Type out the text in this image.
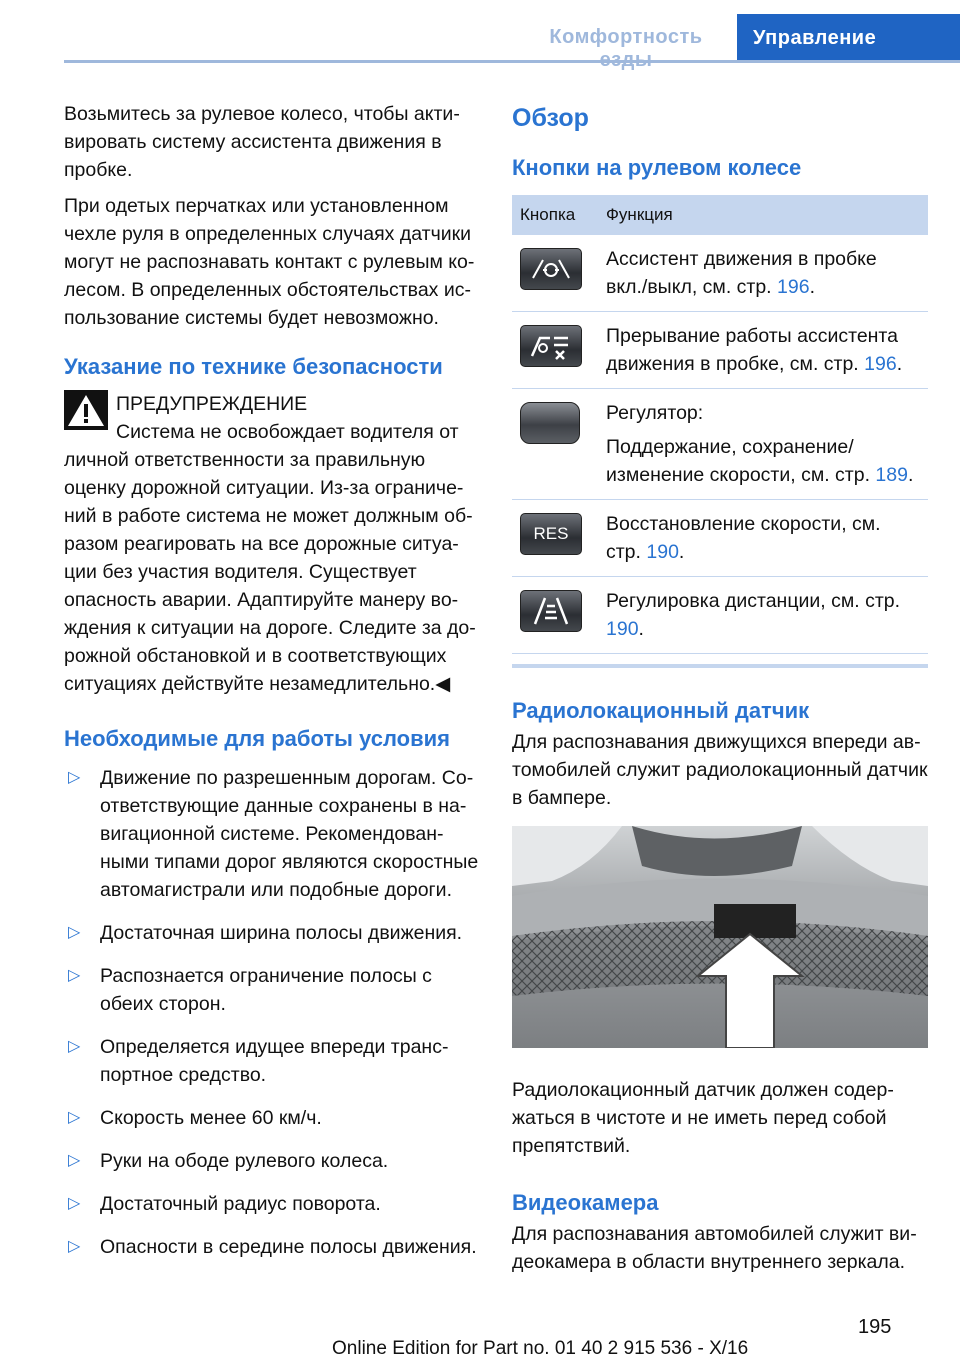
Комфортность	Управление

Возьмитесь за рулевое колесо, чтобы активировать систему ассистента движения в пробке.

При одетых перчатках или установленном чехле руля в определенных случаях датчики могут не распознавать контакт с рулевым колесом. В определенных обстоятельствах использование системы будет невозможно.

Указание по технике безопасности

ПРЕДУПРЕЖДЕНИЕ

Система не освобождает водителя от

личной ответственности за правильную оценку дорожной ситуации. Из-за ограничений в работе система не может должным образом реагировать на все дорожные ситуации без участия водителя. Существует опасность аварии. Адаптируйте манеру вождения к ситуации на дороге. Следите за дорожной обстановкой и в соответствующих ситуациях действуйте незамедлительно.◀

Необходимые для работы условия
▷ Движение по разрешенным дорогам. Соответствующие данные сохранены в навигационной системе. Рекомендованными типами дорог являются скоростные автомагистрали или подобные дороги.
▷ Достаточная ширина полосы движения.
▷ Распознается ограничение полосы с обеих сторон.
▷ Определяется идущее впереди транспортное средство.
▷ Скорость менее 60 км/ч.
▷ Руки на ободе рулевого колеса.
▷ Достаточный радиус поворота.
▷ Опасности в середине полосы движения.
Обзор
Кнопки на рулевом колесе
Кнопка	Функция

	Ассистент движения в пробке вкл./выкл, см. стр. 196.

	Прерывание работы ассистента движения в пробке, см. стр. 196.

	Регулятор:
Поддержание, сохранение/изменение скорости, см. стр. 189.

RES	Восстановление скорости, см. стр. 190.

	Регулировка дистанции, см. стр. 190.
Радиолокационный датчик

Для распознавания движущихся впереди автомобилей служит радиолокационный датчик в бампере.

Радиолокационный датчик должен содержаться в чистоте и не иметь перед собой препятствий.

Видеокамера

Для распознавания автомобилей служит видеокамера в области внутреннего зеркала.

195
Online Edition for Part no. 01 40 2 915 536 - X/16
